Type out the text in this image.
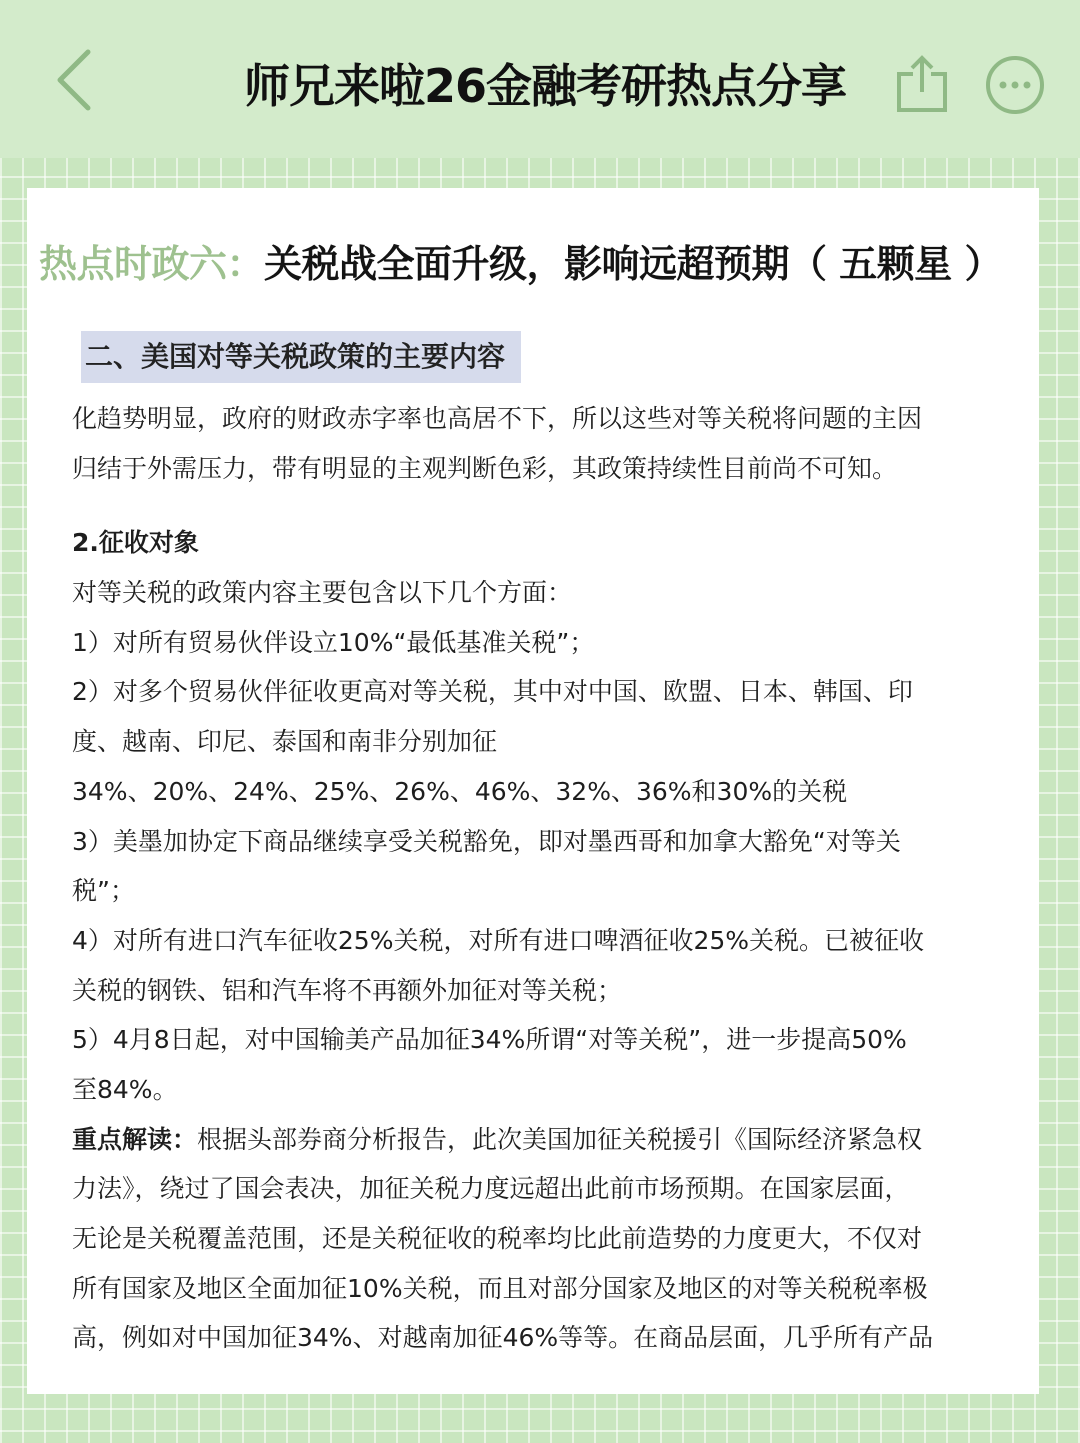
师兄来啦26金融考研热点分享
热点时政六：关税战全面升级，影响远超预期（ 五颗星 ）
二、美国对等关税政策的主要内容
化趋势明显，政府的财政赤字率也高居不下，所以这些对等关税将问题的主因
归结于外需压力，带有明显的主观判断色彩，其政策持续性目前尚不可知。
2.征收对象
对等关税的政策内容主要包含以下几个方面：
1）对所有贸易伙伴设立10%“最低基准关税”；
2）对多个贸易伙伴征收更高对等关税，其中对中国、欧盟、日本、韩国、印
度、越南、印尼、泰国和南非分别加征
34%、20%、24%、25%、26%、46%、32%、36%和30%的关税
3）美墨加协定下商品继续享受关税豁免，即对墨西哥和加拿大豁免“对等关
税”；
4）对所有进口汽车征收25%关税，对所有进口啤酒征收25%关税。已被征收
关税的钢铁、铝和汽车将不再额外加征对等关税；
5）4月8日起，对中国输美产品加征34%所谓“对等关税”，进一步提高50%
至84%。
重点解读：根据头部券商分析报告，此次美国加征关税援引《国际经济紧急权
力法》，绕过了国会表决，加征关税力度远超出此前市场预期。在国家层面，
无论是关税覆盖范围，还是关税征收的税率均比此前造势的力度更大，不仅对
所有国家及地区全面加征10%关税，而且对部分国家及地区的对等关税税率极
高，例如对中国加征34%、对越南加征46%等等。在商品层面，几乎所有产品
